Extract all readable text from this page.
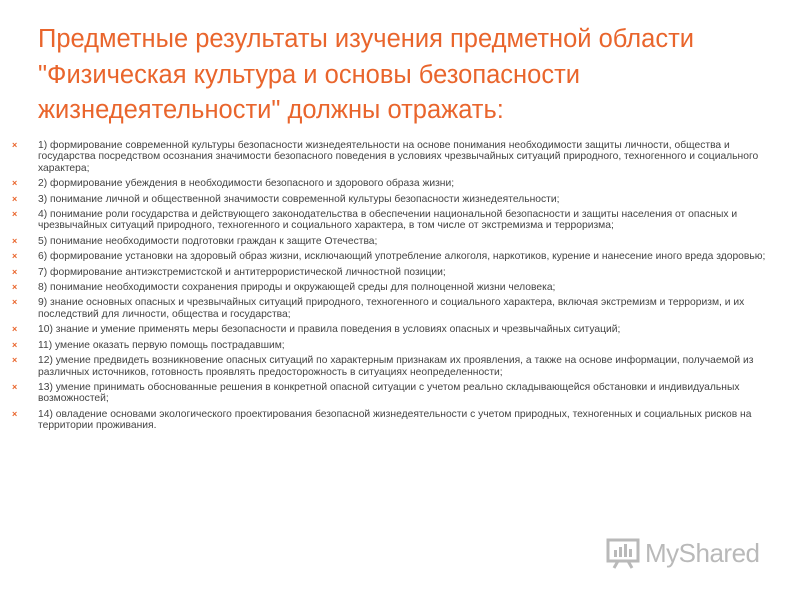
Предметные результаты изучения предметной области "Физическая культура и основы безопасности жизнедеятельности" должны отражать:
× 1) формирование современной культуры безопасности жизнедеятельности на основе понимания необходимости защиты личности, общества и государства посредством осознания значимости безопасного поведения в условиях чрезвычайных ситуаций природного, техногенного и социального характера;
× 2) формирование убеждения в необходимости безопасного и здорового образа жизни;
× 3) понимание личной и общественной значимости современной культуры безопасности жизнедеятельности;
× 4) понимание роли государства и действующего законодательства в обеспечении национальной безопасности и защиты населения от опасных и чрезвычайных ситуаций природного, техногенного и социального характера, в том числе от экстремизма и терроризма;
× 5) понимание необходимости подготовки граждан к защите Отечества;
× 6) формирование установки на здоровый образ жизни, исключающий употребление алкоголя, наркотиков, курение и нанесение иного вреда здоровью;
× 7) формирование антиэкстремистской и антитеррористической личностной позиции;
× 8) понимание необходимости сохранения природы и окружающей среды для полноценной жизни человека;
× 9) знание основных опасных и чрезвычайных ситуаций природного, техногенного и социального характера, включая экстремизм и терроризм, и их последствий для личности, общества и государства;
× 10) знание и умение применять меры безопасности и правила поведения в условиях опасных и чрезвычайных ситуаций;
× 11) умение оказать первую помощь пострадавшим;
× 12) умение предвидеть возникновение опасных ситуаций по характерным признакам их проявления, а также на основе информации, получаемой из различных источников, готовность проявлять предосторожность в ситуациях неопределенности;
× 13) умение принимать обоснованные решения в конкретной опасной ситуации с учетом реально складывающейся обстановки и индивидуальных возможностей;
× 14) овладение основами экологического проектирования безопасной жизнедеятельности с учетом природных, техногенных и социальных рисков на территории проживания.
MyShared
